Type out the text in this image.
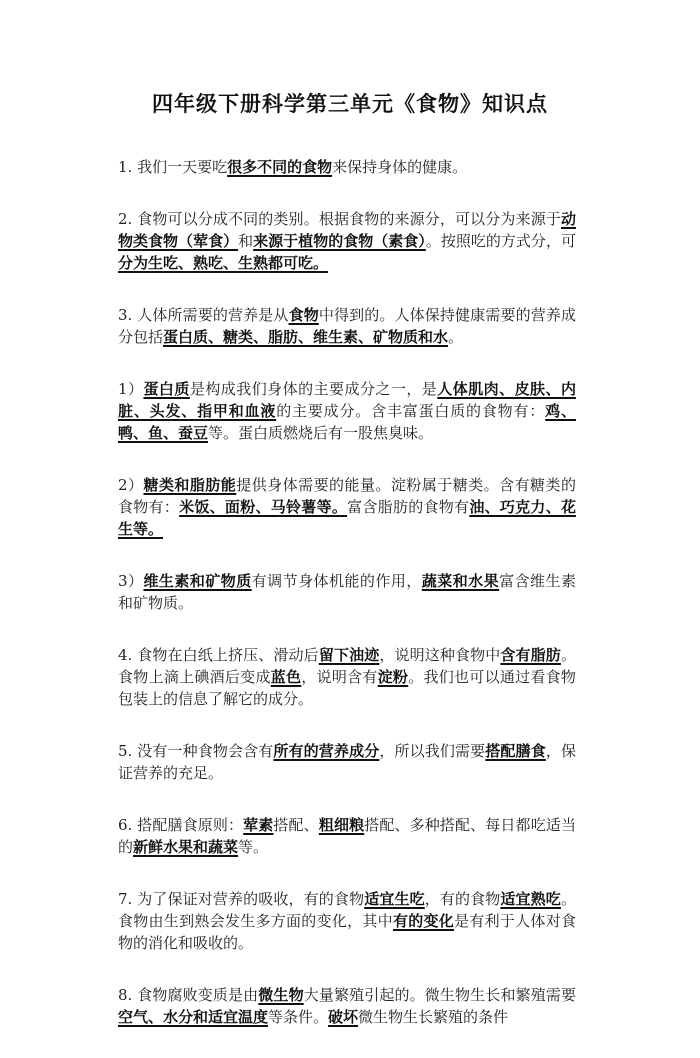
四年级下册科学第三单元《食物》知识点

1. 我们一天要吃很多不同的食物来保持身体的健康。

2. 食物可以分成不同的类别。根据食物的来源分，可以分为来源于动物类食物（荤食）和来源于植物的食物（素食）。按照吃的方式分，可分为生吃、熟吃、生熟都可吃。

3. 人体所需要的营养是从食物中得到的。人体保持健康需要的营养成分包括蛋白质、糖类、脂肪、维生素、矿物质和水。

1）蛋白质是构成我们身体的主要成分之一，是人体肌肉、皮肤、内脏、头发、指甲和血液的主要成分。含丰富蛋白质的食物有：鸡、鸭、鱼、蚕豆等。蛋白质燃烧后有一股焦臭味。

2）糖类和脂肪能提供身体需要的能量。淀粉属于糖类。含有糖类的食物有：米饭、面粉、马铃薯等。富含脂肪的食物有油、巧克力、花生等。

3）维生素和矿物质有调节身体机能的作用，蔬菜和水果富含维生素和矿物质。

4. 食物在白纸上挤压、滑动后留下油迹，说明这种食物中含有脂肪。食物上滴上碘酒后变成蓝色，说明含有淀粉。我们也可以通过看食物包装上的信息了解它的成分。

5. 没有一种食物会含有所有的营养成分，所以我们需要搭配膳食，保证营养的充足。

6. 搭配膳食原则：荤素搭配、粗细粮搭配、多种搭配、每日都吃适当的新鲜水果和蔬菜等。

7. 为了保证对营养的吸收，有的食物适宜生吃，有的食物适宜熟吃。食物由生到熟会发生多方面的变化，其中有的变化是有利于人体对食物的消化和吸收的。

8. 食物腐败变质是由微生物大量繁殖引起的。微生物生长和繁殖需要空气、水分和适宜温度等条件。破坏微生物生长繁殖的条件
